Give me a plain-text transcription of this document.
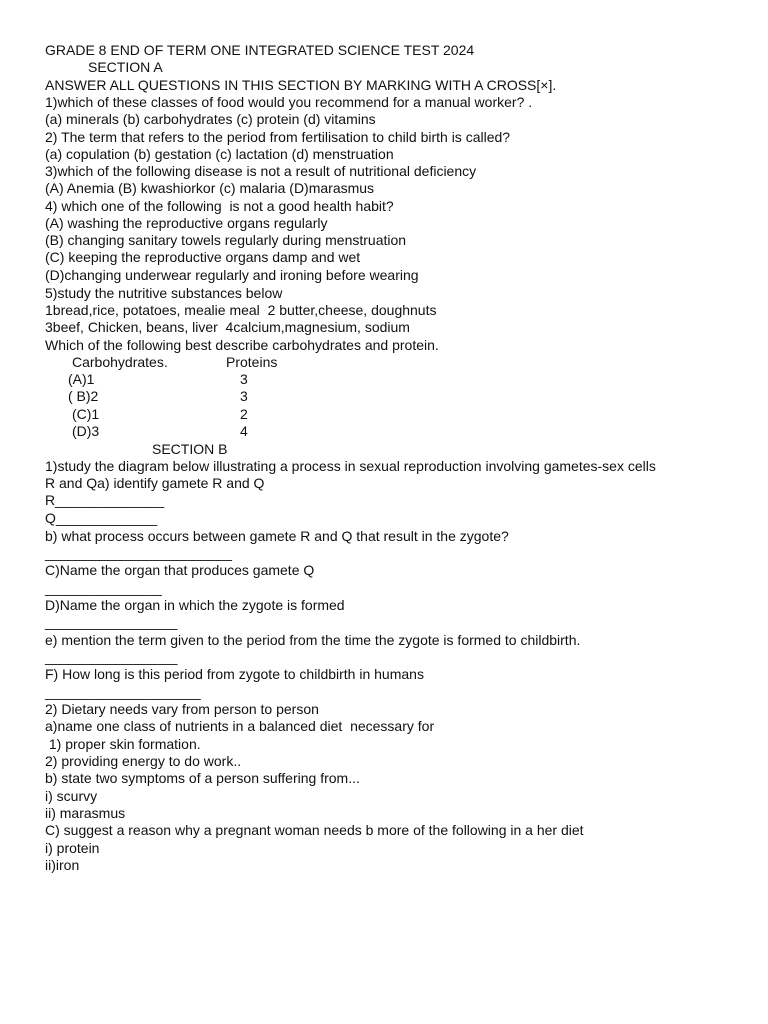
GRADE 8 END OF TERM ONE INTEGRATED SCIENCE TEST 2024
SECTION A
ANSWER ALL QUESTIONS IN THIS SECTION BY MARKING WITH A CROSS[×].
1)which of these classes of food would you recommend for a manual worker? .
(a) minerals (b) carbohydrates (c) protein (d) vitamins
2) The term that refers to the period from fertilisation to child birth is called?
(a) copulation (b) gestation (c) lactation (d) menstruation
3)which of the following disease is not a result of nutritional deficiency
(A) Anemia (B) kwashiorkor (c) malaria (D)marasmus
4) which one of the following  is not a good health habit?
(A) washing the reproductive organs regularly
(B) changing sanitary towels regularly during menstruation
(C) keeping the reproductive organs damp and wet
(D)changing underwear regularly and ironing before wearing
5)study the nutritive substances below
1bread,rice, potatoes, mealie meal  2 butter,cheese, doughnuts
3beef, Chicken, beans, liver  4calcium,magnesium, sodium
Which of the following best describe carbohydrates and protein.
Carbohydrates.	Proteins
(A)1	3
( B)2	3
(C)1	2
(D)3	4
SECTION B
1)study the diagram below illustrating a process in sexual reproduction involving gametes-sex cells
R and Qa) identify gamete R and Q
R______________
Q_____________
b) what process occurs between gamete R and Q that result in the zygote?
________________________
C)Name the organ that produces gamete Q
_______________
D)Name the organ in which the zygote is formed
_________________
e) mention the term given to the period from the time the zygote is formed to childbirth.
_________________
F) How long is this period from zygote to childbirth in humans
____________________
2) Dietary needs vary from person to person
a)name one class of nutrients in a balanced diet  necessary for
1) proper skin formation.
2) providing energy to do work..
b) state two symptoms of a person suffering from...
i) scurvy
ii) marasmus
C) suggest a reason why a pregnant woman needs b more of the following in a her diet
i) protein
ii)iron
